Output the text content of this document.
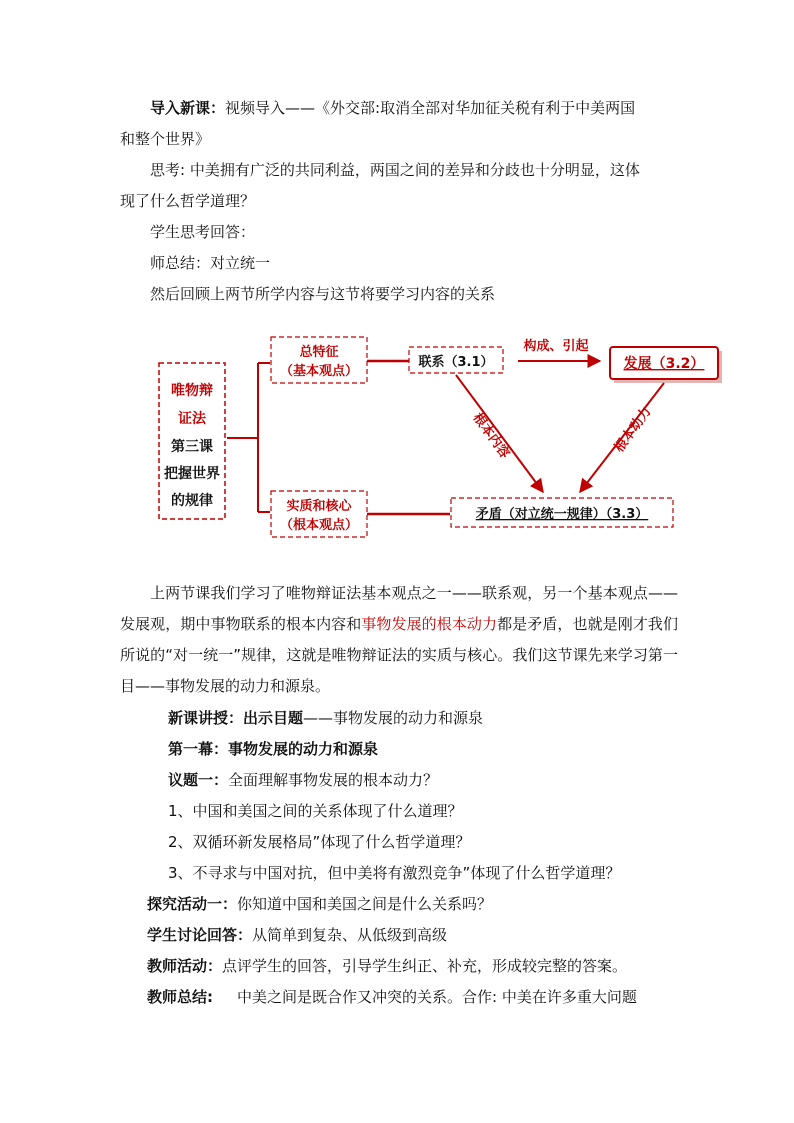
导入新课：视频导入——《外交部:取消全部对华加征关税有利于中美两国
和整个世界》
思考: 中美拥有广泛的共同利益，两国之间的差异和分歧也十分明显，这体
现了什么哲学道理？
学生思考回答：
师总结：对立统一
然后回顾上两节所学内容与这节将要学习内容的关系
唯物辩
证法
第三课
把握世界
的规律
总特征
（基本观点）
实质和核心
（根本观点）
联系（3.1）	发展（3.2）
矛盾（对立统一规律）（3.3）
构成、引起
根本内容	根本动力
上两节课我们学习了唯物辩证法基本观点之一——联系观，另一个基本观点——发展观，期中事物联系的根本内容和事物发展的根本动力都是矛盾，也就是刚才我们所说的“对一统一”规律，这就是唯物辩证法的实质与核心。我们这节课先来学习第一目——事物发展的动力和源泉。
新课讲授：出示目题——事物发展的动力和源泉
第一幕：事物发展的动力和源泉
议题一：全面理解事物发展的根本动力？
1、中国和美国之间的关系体现了什么道理？
2、双循环新发展格局”体现了什么哲学道理？
3、不寻求与中国对抗，但中美将有激烈竞争”体现了什么哲学道理？
探究活动一：你知道中国和美国之间是什么关系吗？
学生讨论回答：从简单到复杂、从低级到高级
教师活动：点评学生的回答，引导学生纠正、补充，形成较完整的答案。
教师总结: 中美之间是既合作又冲突的关系。合作: 中美在许多重大问题
